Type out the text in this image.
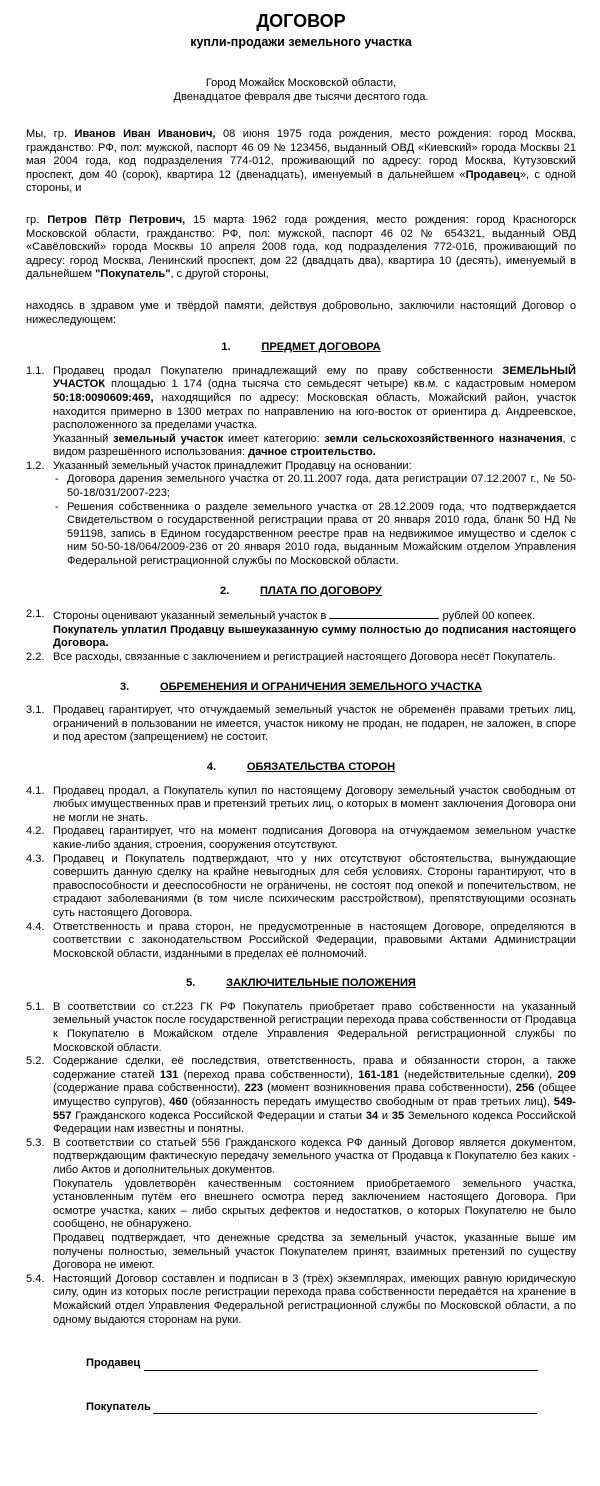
ДОГОВОР
купли-продажи земельного участка
Город Можайск Московской области,
Двенадцатое февраля две тысячи десятого года.
Мы, гр. Иванов Иван Иванович, 08 июня 1975 года рождения, место рождения: город Москва, гражданство: РФ, пол: мужской, паспорт 46 09 № 123456, выданный ОВД «Киевский» города Москвы 21 мая 2004 года, код подразделения 774-012, проживающий по адресу: город Москва, Кутузовский проспект, дом 40 (сорок), квартира 12 (двенадцать), именуемый в дальнейшем «Продавец», с одной стороны, и
гр. Петров Пётр Петрович, 15 марта 1962 года рождения, место рождения: город Красногорск Московской области, гражданство: РФ, пол: мужской, паспорт 46 02 № 654321, выданный ОВД «Савёловский» города Москвы 10 апреля 2008 года, код подразделения 772-016, проживающий по адресу: город Москва, Ленинский проспект, дом 22 (двадцать два), квартира 10 (десять), именуемый в дальнейшем "Покупатель", с другой стороны,
находясь в здравом уме и твёрдой памяти, действуя добровольно, заключили настоящий Договор о нижеследующем:
1.	ПРЕДМЕТ ДОГОВОРА
1.1. Продавец продал Покупателю принадлежащий ему по праву собственности ЗЕМЕЛЬНЫЙ УЧАСТОК площадью 1 174 (одна тысяча сто семьдесят четыре) кв.м. с кадастровым номером 50:18:0090609:469, находящийся по адресу: Московская область, Можайский район, участок находится примерно в 1300 метрах по направлению на юго-восток от ориентира д. Андреевское, расположенного за пределами участка.

Указанный земельный участок имеет категорию: земли сельскохозяйственного назначения, с видом разрешённого использования: дачное строительство.

1.2. Указанный земельный участок принадлежит Продавцу на основании:

- Договора дарения земельного участка от 20.11.2007 года, дата регистрации 07.12.2007 г., № 50-50-18/031/2007-223;
- Решения собственника о разделе земельного участка от 28.12.2009 года, что подтверждается Свидетельством о государственной регистрации права от 20 января 2010 года, бланк 50 НД № 591198, запись в Едином государственном реестре прав на недвижимое имущество и сделок с ним 50-50-18/064/2009-236 от 20 января 2010 года, выданным Можайским отделом Управления Федеральной регистрационной службы по Московской области.
2.	ПЛАТА ПО ДОГОВОРУ
2.1. Стороны оценивают указанный земельный участок в	рублей 00 копеек.

Покупатель уплатил Продавцу вышеуказанную сумму полностью до подписания настоящего Договора.

2.2. Все расходы, связанные с заключением и регистрацией настоящего Договора несёт Покупатель.
3.	ОБРЕМЕНЕНИЯ И ОГРАНИЧЕНИЯ ЗЕМЕЛЬНОГО УЧАСТКА
3.1. Продавец гарантирует, что отчуждаемый земельный участок не обременён правами третьих лиц, ограничений в пользовании не имеется, участок никому не продан, не подарен, не заложен, в споре и под арестом (запрещением) не состоит.
4.	ОБЯЗАТЕЛЬСТВА СТОРОН
4.1. Продавец продал, а Покупатель купил по настоящему Договору земельный участок свободным от любых имущественных прав и претензий третьих лиц, о которых в момент заключения Договора они не могли не знать.
4.2. Продавец гарантирует, что на момент подписания Договора на отчуждаемом земельном участке какие-либо здания, строения, сооружения отсутствуют.
4.3. Продавец и Покупатель подтверждают, что у них отсутствуют обстоятельства, вынуждающие совершить данную сделку на крайне невыгодных для себя условиях. Стороны гарантируют, что в правоспособности и дееспособности не ограничены, не состоят под опекой и попечительством, не страдают заболеваниями (в том числе психическим расстройством), препятствующими осознать суть настоящего Договора.
4.4. Ответственность и права сторон, не предусмотренные в настоящем Договоре, определяются в соответствии с законодательством Российской Федерации, правовыми Актами Администрации Московской области, изданными в пределах её полномочий.
5.	ЗАКЛЮЧИТЕЛЬНЫЕ ПОЛОЖЕНИЯ
5.1. В соответствии со ст.223 ГК РФ Покупатель приобретает право собственности на указанный земельный участок после государственной регистрации перехода права собственности от Продавца к Покупателю в Можайском отделе Управления Федеральной регистрационной службы по Московской области.
5.2. Содержание сделки, её последствия, ответственность, права и обязанности сторон, а также содержание статей 131 (переход права собственности), 161-181 (недействительные сделки), 209 (содержание права собственности), 223 (момент возникновения права собственности), 256 (общее имущество супругов), 460 (обязанность передать имущество свободным от прав третьих лиц), 549-557 Гражданского кодекса Российской Федерации и статьи 34 и 35 Земельного кодекса Российской Федерации нам известны и понятны.
5.3. В соответствии со статьей 556 Гражданского кодекса РФ данный Договор является документом, подтверждающим фактическую передачу земельного участка от Продавца к Покупателю без каких - либо Актов и дополнительных документов.

Покупатель удовлетворён качественным состоянием приобретаемого земельного участка, установленным путём его внешнего осмотра перед заключением настоящего Договора. При осмотре участка, каких – либо скрытых дефектов и недостатков, о которых Покупателю не было сообщено, не обнаружено.

Продавец подтверждает, что денежные средства за земельный участок, указанные выше им получены полностью, земельный участок Покупателем принят, взаимных претензий по существу Договора не имеют.

5.4. Настоящий Договор составлен и подписан в 3 (трёх) экземплярах, имеющих равную юридическую силу, один из которых после регистрации перехода права собственности передаётся на хранение в Можайский отдел Управления Федеральной регистрационной службы по Московской области, а по одному выдаются сторонам на руки.
Продавец
Покупатель
